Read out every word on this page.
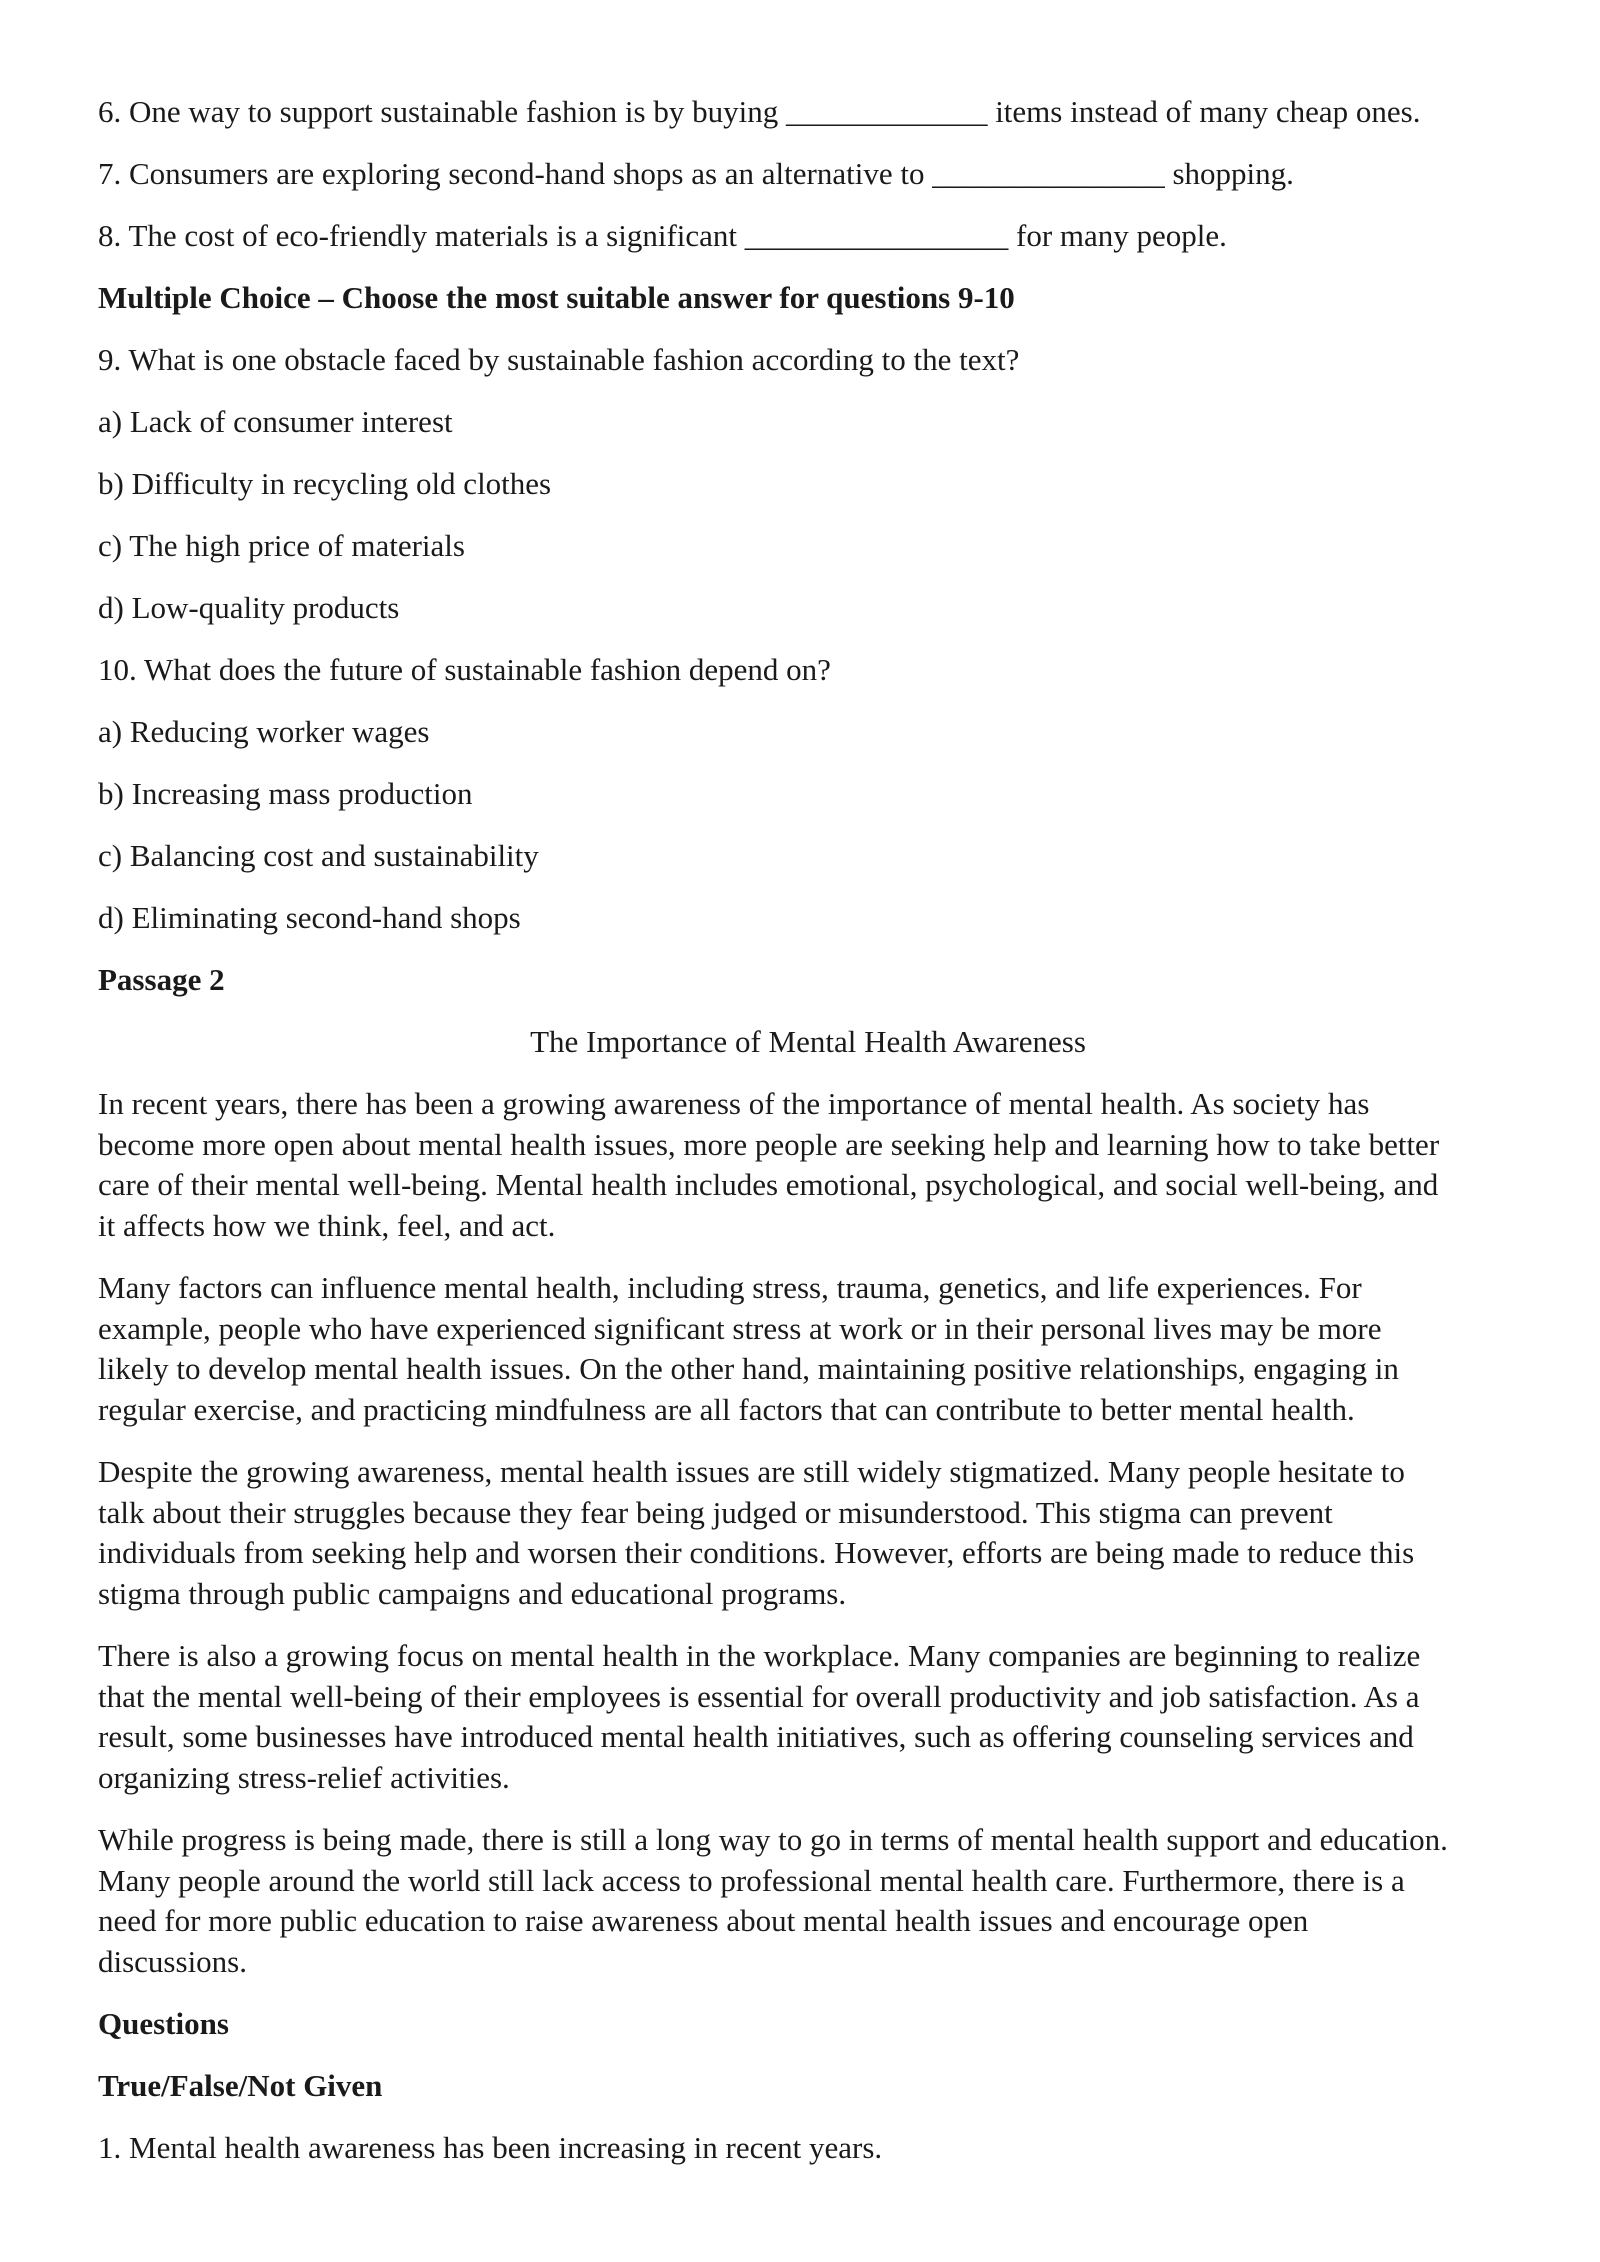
6. One way to support sustainable fashion is by buying _____________ items instead of many cheap ones.
7. Consumers are exploring second-hand shops as an alternative to _______________ shopping.
8. The cost of eco-friendly materials is a significant _________________ for many people.
Multiple Choice – Choose the most suitable answer for questions 9-10
9. What is one obstacle faced by sustainable fashion according to the text?
a) Lack of consumer interest
b) Difficulty in recycling old clothes
c) The high price of materials
d) Low-quality products
10. What does the future of sustainable fashion depend on?
a) Reducing worker wages
b) Increasing mass production
c) Balancing cost and sustainability
d) Eliminating second-hand shops
Passage 2
The Importance of Mental Health Awareness
In recent years, there has been a growing awareness of the importance of mental health. As society has
become more open about mental health issues, more people are seeking help and learning how to take better
care of their mental well-being. Mental health includes emotional, psychological, and social well-being, and
it affects how we think, feel, and act.
Many factors can influence mental health, including stress, trauma, genetics, and life experiences. For
example, people who have experienced significant stress at work or in their personal lives may be more
likely to develop mental health issues. On the other hand, maintaining positive relationships, engaging in
regular exercise, and practicing mindfulness are all factors that can contribute to better mental health.
Despite the growing awareness, mental health issues are still widely stigmatized. Many people hesitate to
talk about their struggles because they fear being judged or misunderstood. This stigma can prevent
individuals from seeking help and worsen their conditions. However, efforts are being made to reduce this
stigma through public campaigns and educational programs.
There is also a growing focus on mental health in the workplace. Many companies are beginning to realize
that the mental well-being of their employees is essential for overall productivity and job satisfaction. As a
result, some businesses have introduced mental health initiatives, such as offering counseling services and
organizing stress-relief activities.
While progress is being made, there is still a long way to go in terms of mental health support and education.
Many people around the world still lack access to professional mental health care. Furthermore, there is a
need for more public education to raise awareness about mental health issues and encourage open
discussions.
Questions
True/False/Not Given
1. Mental health awareness has been increasing in recent years.
